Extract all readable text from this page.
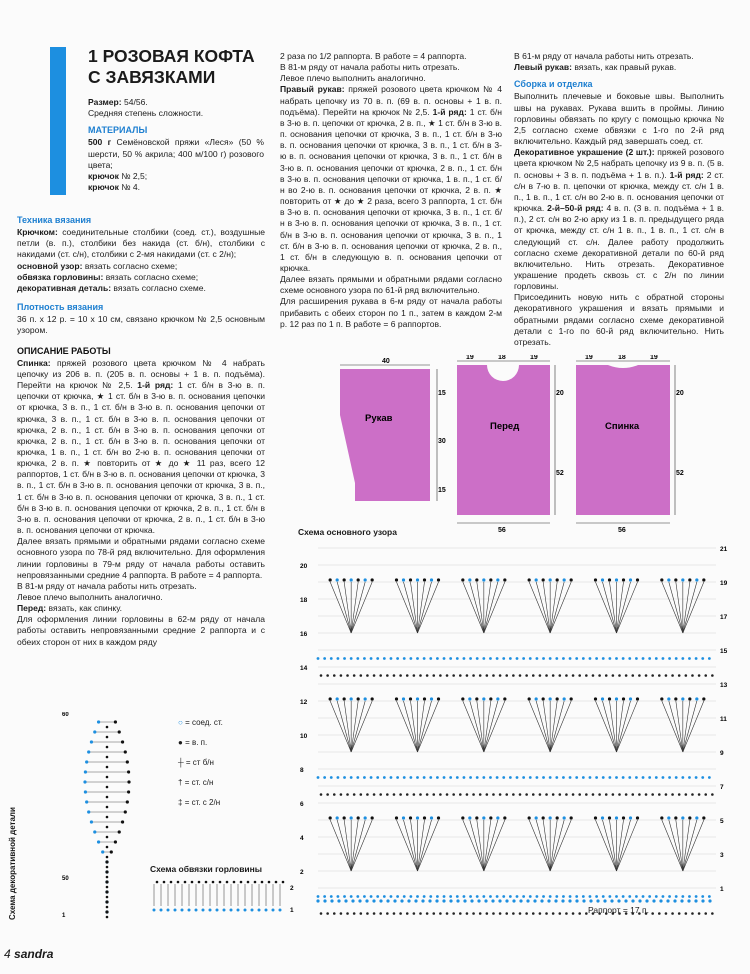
1 РОЗОВАЯ КОФТА
С ЗАВЯЗКАМИ

Размер: 54/56.

Средняя степень сложности.

МАТЕРИАЛЫ

500 г Семёновской пряжи «Леся» (50 % шерсти, 50 % акрила; 400 м/100 г) розового цвета;

крючок № 2,5;

крючок № 4.

Техника вязания

Крючком: соединительные столбики (соед. ст.), воздушные петли (в. п.), столбики без накида (ст. б/н), столбики с накидами (ст. с/н), столбики с 2-мя накидами (ст. с 2/н);

основной узор: вязать согласно схеме;

обвязка горловины: вязать согласно схеме;

декоративная деталь: вязать согласно схеме.

Плотность вязания

36 п. х 12 р. = 10 х 10 см, связано крючком № 2,5 основным узором.

ОПИСАНИЕ РАБОТЫ

Спинка: пряжей розового цвета крючком № 4 набрать цепочку из 206 в. п. (205 в. п. основы + 1 в. п. подъёма). Перейти на крючок № 2,5. 1-й ряд: 1 ст. б/н в 3-ю в. п. цепочки от крючка, ★ 1 ст. б/н в 3-ю в. п. основания цепочки от крючка, 3 в. п., 1 ст. б/н в 3-ю в. п. основания цепочки от крючка, 3 в. п., 1 ст. б/н в 3-ю в. п. основания цепочки от крючка, 2 в. п., 1 ст. б/н в 3-ю в. п. основания цепочки от крючка, 2 в. п., 1 ст. б/н в 3-ю в. п. основания цепочки от крючка, 1 в. п., 1 ст. б/н во 2-ю в. п. основания цепочки от крючка, 2 в. п. ★ повторить от ★ до ★ 11 раз, всего 12 раппортов, 1 ст. б/н в 3-ю в. п. основания цепочки от крючка, 3 в. п., 1 ст. б/н в 3-ю в. п. основания цепочки от крючка, 3 в. п., 1 ст. б/н в 3-ю в. п. основания цепочки от крючка, 3 в. п., 1 ст. б/н в 3-ю в. п. основания цепочки от крючка, 2 в. п., 1 ст. б/н в 3-ю в. п. основания цепочки от крючка, 2 в. п., 1 ст. б/н в 3-ю в. п. основания цепочки от крючка.

Далее вязать прямыми и обратными рядами согласно схеме основного узора по 78-й ряд включительно. Для оформления линии горловины в 79-м ряду от начала работы оставить непровязанными средние 4 раппорта. В работе = 4 раппорта.

В 81-м ряду от начала работы нить отрезать.

Левое плечо выполнить аналогично.

Перед: вязать, как спинку.

Для оформления линии горловины в 62-м ряду от начала работы оставить непровязанными средние 2 раппорта и с обеих сторон от них в каждом ряду

2 раза по 1/2 раппорта. В работе = 4 раппорта.

В 81-м ряду от начала работы нить отрезать.

Левое плечо выполнить аналогично.

Правый рукав: пряжей розового цвета крючком № 4 набрать цепочку из 70 в. п. (69 в. п. основы + 1 в. п. подъёма). Перейти на крючок № 2,5. 1-й ряд: 1 ст. б/н в 3-ю в. п. цепочки от крючка, 2 в. п., ★ 1 ст. б/н в 3-ю в. п. основания цепочки от крючка, 3 в. п., 1 ст. б/н в 3-ю в. п. основания цепочки от крючка, 3 в. п., 1 ст. б/н в 3-ю в. п. основания цепочки от крючка, 3 в. п., 1 ст. б/н в 3-ю в. п. основания цепочки от крючка, 2 в. п., 1 ст. б/н в 3-ю в. п. основания цепочки от крючка, 1 в. п., 1 ст. б/н во 2-ю в. п. основания цепочки от крючка, 2 в. п. ★ повторить от ★ до ★ 2 раза, всего 3 раппорта, 1 ст. б/н в 3-ю в. п. основания цепочки от крючка, 3 в. п., 1 ст. б/н в 3-ю в. п. основания цепочки от крючка, 3 в. п., 1 ст. б/н в 3-ю в. п. основания цепочки от крючка, 3 в. п., 1 ст. б/н в 3-ю в. п. основания цепочки от крючка, 2 в. п., 1 ст. б/н в следующую в. п. основания цепочки от крючка.

Далее вязать прямыми и обратными рядами согласно схеме основного узора по 61-й ряд включительно.

Для расширения рукава в 6-м ряду от начала работы прибавить с обеих сторон по 1 п., затем в каждом 2-м р. 12 раз по 1 п. В работе = 6 раппортов.

В 61-м ряду от начала работы нить отрезать.

Левый рукав: вязать, как правый рукав.

Сборка и отделка

Выполнить плечевые и боковые швы. Выполнить швы на рукавах. Рукава вшить в проймы. Линию горловины обвязать по кругу с помощью крючка № 2,5 согласно схеме обвязки с 1-го по 2-й ряд включительно. Каждый ряд завершать соед. ст.

Декоративное украшение (2 шт.): пряжей розового цвета крючком № 2,5 набрать цепочку из 9 в. п. (5 в. п. основы + 3 в. п. подъёма + 1 в. п.). 1-й ряд: 2 ст. с/н в 7-ю в. п. цепочки от крючка, между ст. с/н 1 в. п., 1 в. п., 1 ст. с/н во 2-ю в. п. основания цепочки от крючка. 2-й–50-й ряд: 4 в. п. (3 в. п. подъёма + 1 в. п.), 2 ст. с/н во 2-ю арку из 1 в. п. предыдущего ряда от крючка, между ст. с/н 1 в. п., 1 в. п., 1 ст. с/н в следующий ст. с/н. Далее работу продолжить согласно схеме декоративной детали по 60-й ряд включительно. Нить отрезать. Декоративное украшение продеть сквозь ст. с 2/н по линии горловины.

Присоединить новую нить с обратной стороны декоративного украшения и вязать прямыми и обратными рядами согласно схеме декоративной детали с 1-го по 60-й ряд включительно. Нить отрезать.

40
Рукав
15
30
15
19	18	19
Перед
56
20
52
19	18	19
Спинка
56
20
52
Схема основного узора
21
19
17
15
13
11
9
7
5
3
1
20
18
16
14
12
10
8
6
4
2
Раппорт = 17 п.
○ = соед. ст.
● = в. п.
┼ = ст б/н
† = ст. с/н
‡ = ст. с 2/н
60
50
1
Схема декоративной детали	Схема обвязки горловины
2
1
4 sandra
